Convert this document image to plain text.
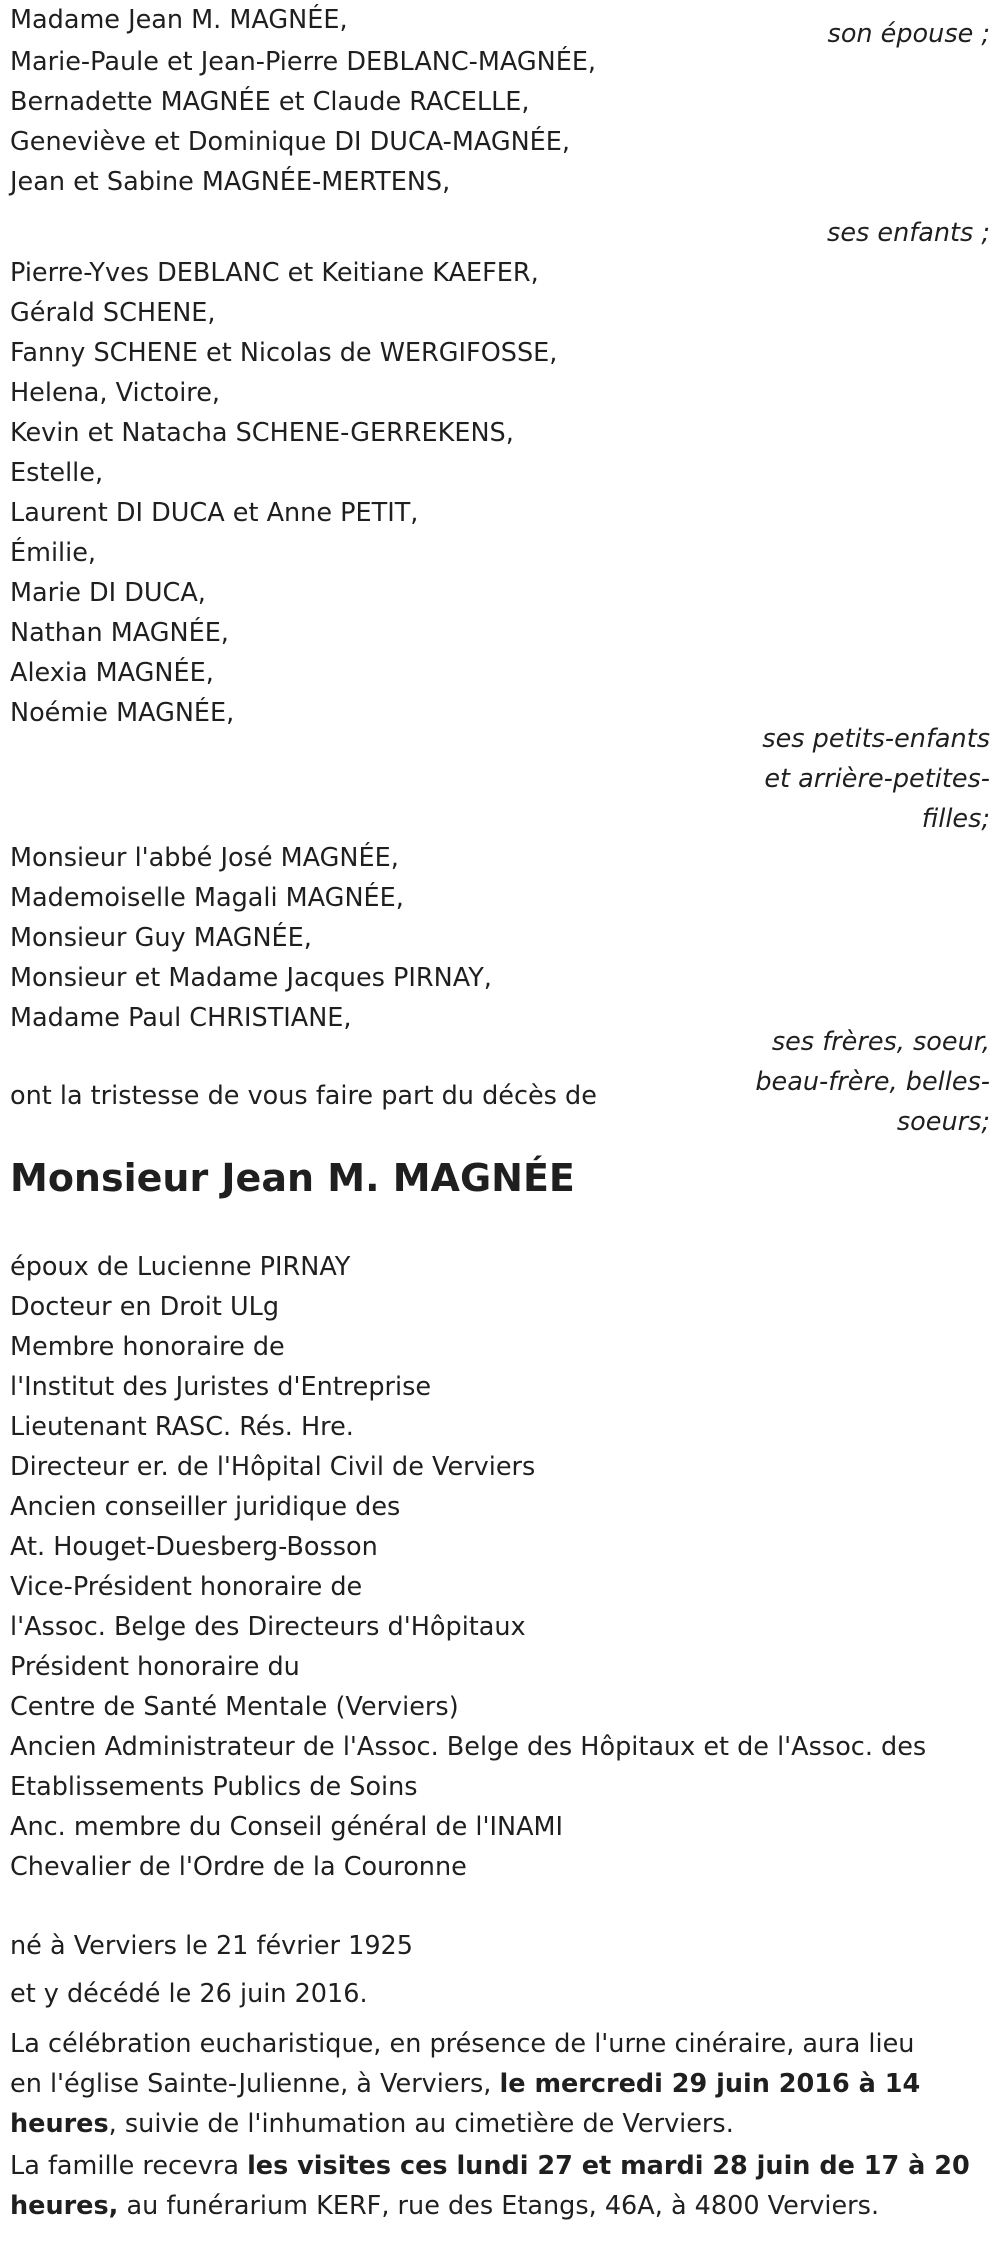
Madame Jean M. MAGNÉE,	son épouse ;
Marie-Paule et Jean-Pierre DEBLANC-MAGNÉE,
Bernadette MAGNÉE et Claude RACELLE,
Geneviève et Dominique DI DUCA-MAGNÉE,
Jean et Sabine MAGNÉE-MERTENS,
ses enfants ;
Pierre-Yves DEBLANC et Keitiane KAEFER,
Gérald SCHENE,
Fanny SCHENE et Nicolas de WERGIFOSSE,
Helena, Victoire,
Kevin et Natacha SCHENE-GERREKENS,
Estelle,
Laurent DI DUCA et Anne PETIT,
Émilie,
Marie DI DUCA,
Nathan MAGNÉE,
Alexia MAGNÉE,
Noémie MAGNÉE,
ses petits-enfants
et arrière-petites-
filles;
Monsieur l'abbé José MAGNÉE,
Mademoiselle Magali MAGNÉE,
Monsieur Guy MAGNÉE,
Monsieur et Madame Jacques PIRNAY,
Madame Paul CHRISTIANE,
ses frères, soeur,
beau-frère, belles-
soeurs;
ont la tristesse de vous faire part du décès de
Monsieur Jean M. MAGNÉE
époux de Lucienne PIRNAY
Docteur en Droit ULg
Membre honoraire de
l'Institut des Juristes d'Entreprise
Lieutenant RASC. Rés. Hre.
Directeur er. de l'Hôpital Civil de Verviers
Ancien conseiller juridique des
At. Houget-Duesberg-Bosson
Vice-Président honoraire de
l'Assoc. Belge des Directeurs d'Hôpitaux
Président honoraire du
Centre de Santé Mentale (Verviers)
Ancien Administrateur de l'Assoc. Belge des Hôpitaux et de l'Assoc. des
Etablissements Publics de Soins
Anc. membre du Conseil général de l'INAMI
Chevalier de l'Ordre de la Couronne
né à Verviers le 21 février 1925
et y décédé le 26 juin 2016.
La célébration eucharistique, en présence de l'urne cinéraire, aura lieu
en l'église Sainte-Julienne, à Verviers, le mercredi 29 juin 2016 à 14
heures, suivie de l'inhumation au cimetière de Verviers.
La famille recevra les visites ces lundi 27 et mardi 28 juin de 17 à 20
heures, au funérarium KERF, rue des Etangs, 46A, à 4800 Verviers.
